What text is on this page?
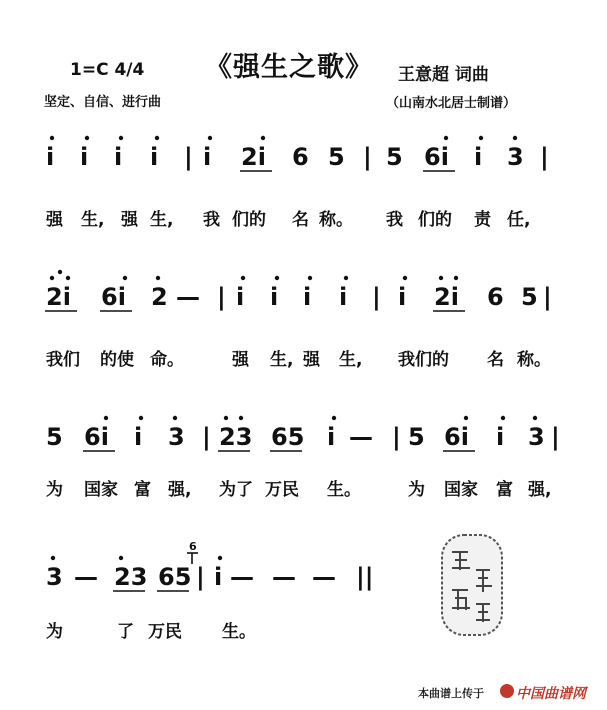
1=C 4/4 《强生之歌》 王意超 词曲
坚定、自信、进行曲	（山南水北居士制谱）
i i i i | i 2i 6 5 | 5 6i i 3 |
强 生, 强 生, 我 们的 名 称。 我 们的 责 任,
2i 6i 2 — | i i i i | i 2i 6 5 |
我们 的使 命。	强 生, 强 生, 我们的 名 称。
5 6i i 3 | 23 65 i — | 5 6i i 3 |
为 国家 富 强, 为了 万民 生。	为 国家 富 强,
3 — 23 65 | i — — — ||
6
为	了 万民 生。
本曲谱上传于 中国曲谱网
